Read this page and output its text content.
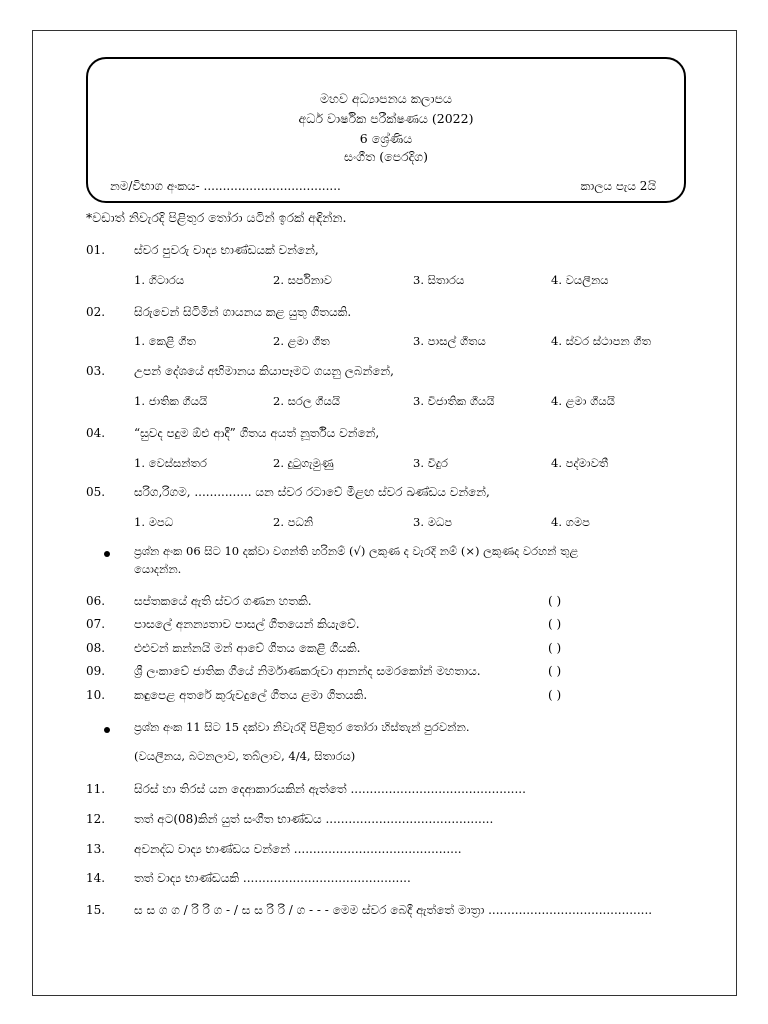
මහව අධ්‍යාපනය කලාපය
අර්ධ වාර්ෂික පරීක්ෂණය (2022)
6 ශ්‍රේණිය
සංගීත (පෙරදිග)
නම/විභාග අංකය- ....................................	කාලය පැය 2යි
*වඩාත් නිවැරදි පිළිතුර තෝරා යටින් ඉරක් අඳින්න.
01. ස්වර පුවරු වාද්‍ය භාණ්ඩයක් වන්නේ,
1. ගිටාරය	2. සර්පිනාව	3. සිතාරය	4. වයලීනය
02. සිරුවෙන් සිටිමින් ගායනය කළ යුතු ගීතයකි.
1. කෙළි ගීත	2. ළමා ගීත	3. පාසල් ගීතය	4. ස්වර ස්ථාපන ගීත
03. උපන් දේශයේ අභිමානය කියාපෑමට ගයනු ලබන්නේ,
1. ජාතික ගීයයි	2. සරල ගීයයි	3. විජාතික ගීයයි	4. ළමා ගීයයි
04. “සුවද පදුම ඕළු ආදී” ගීතය අයත් නූර්තිය වන්නේ,
1. වෙස්සන්තර	2. දුටුගැමුණු	3. විදුර	4. පද්මාවතී
05. සරිග,රිගම, ............... යන ස්වර රටාවේ මීළඟ ස්වර ඛණ්ඩය වන්නේ,
1. මපධ	2. පධනි	3. මධප	4. ගමප
ප්‍රශ්න අංක 06 සිට 10 දක්වා වගන්ති හරිනම් (√) ලකුණ ද වැරදි නම් (×) ලකුණද වරහන් තුළ
යොදන්න.
06. සප්තකයේ ඇති ස්වර ගණන හතකි.	( )
07. පාසලේ අනන්‍යතාව පාසල් ගීතයෙන් කියැවේ.	( )
08. එළුවන් කන්නයි මන් ආවේ ගීතය කෙළි ගීයකි.	( )
09. ශ්‍රී ලංකාවේ ජාතික ගීයේ නිර්මාණකරුවා ආනන්ද සමරකෝන් මහතාය.	( )
10. කඳුපෙළ අතරේ කුරුවදුලේ ගීතය ළමා ගීතයකි.	( )
ප්‍රශ්න අංක 11 සිට 15 දක්වා නිවැරදි පිළිතුර තෝරා හිස්තැන් පුරවන්න.
(වයලීනය, බටනලාව, තබ්ලාව, 4/4, සිතාරය)
11. සිරස් හා තිරස් යන දෙආකාරයකින් ඇත්තේ ..............................................
12. තත් අට(08)කින් යුත් සංගීත භාණ්ඩය ............................................
13. අවනද්ධ වාද්‍ය භාණ්ඩය වන්නේ ............................................
14. තත් වාද්‍ය භාණ්ඩයකි ............................................
15. ස ස ග ග / රි රි ග - / ස ස රි රි / ග - - - මෙම ස්වර බෙදී ඇත්තේ මාත්‍රා ...........................................
